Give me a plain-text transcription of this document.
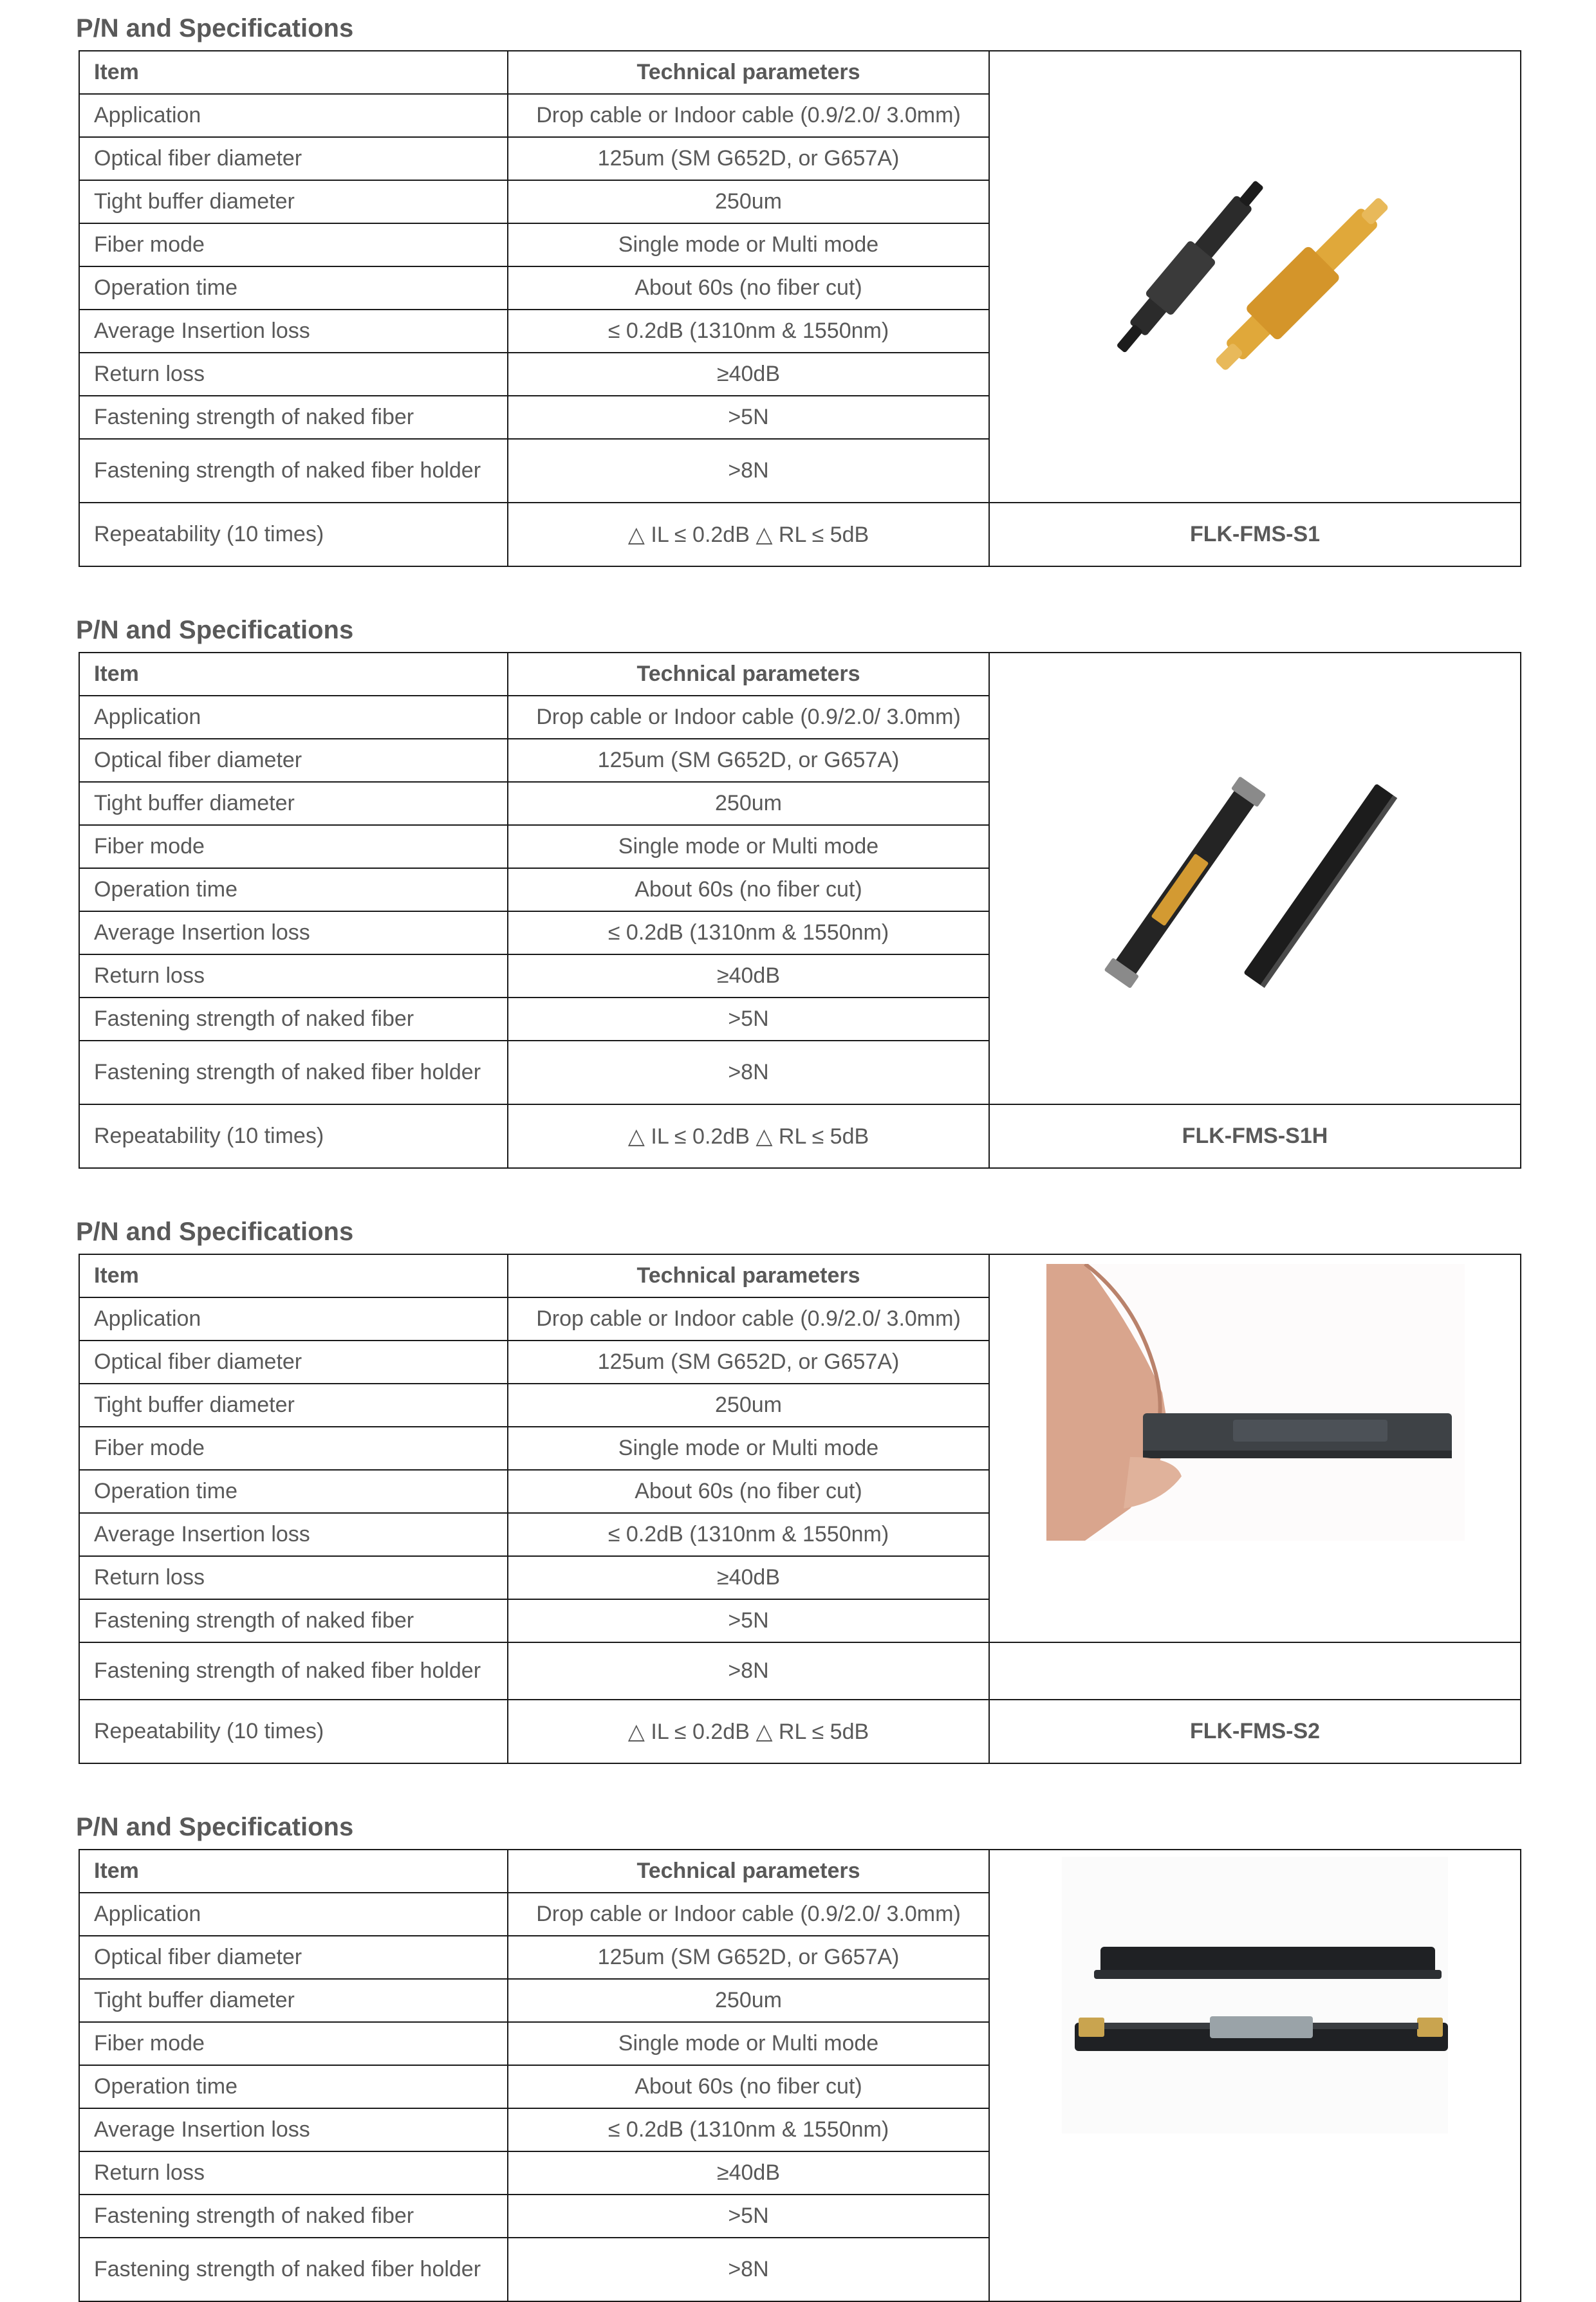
P/N and Specifications
Item	Technical parameters	

Application	Drop cable or Indoor cable (0.9/2.0/ 3.0mm)	
Optical fiber diameter	125um (SM G652D, or G657A)	
Tight buffer diameter	250um	
Fiber mode	Single mode or Multi mode	
Operation time	About 60s (no fiber cut)	
Average Insertion loss	≤ 0.2dB (1310nm & 1550nm)	
Return loss	≥40dB	
Fastening strength of naked fiber	>5N	
Fastening strength of naked fiber holder	>8N	
Repeatability (10 times)	△ IL ≤ 0.2dB △ RL ≤ 5dB	FLK-FMS-S1
P/N and Specifications
Item	Technical parameters	

Application	Drop cable or Indoor cable (0.9/2.0/ 3.0mm)	
Optical fiber diameter	125um (SM G652D, or G657A)	
Tight buffer diameter	250um	
Fiber mode	Single mode or Multi mode	
Operation time	About 60s (no fiber cut)	
Average Insertion loss	≤ 0.2dB (1310nm & 1550nm)	
Return loss	≥40dB	
Fastening strength of naked fiber	>5N	
Fastening strength of naked fiber holder	>8N	
Repeatability (10 times)	△ IL ≤ 0.2dB △ RL ≤ 5dB	FLK-FMS-S1H
P/N and Specifications
Item	Technical parameters	

Application	Drop cable or Indoor cable (0.9/2.0/ 3.0mm)	
Optical fiber diameter	125um (SM G652D, or G657A)	
Tight buffer diameter	250um	
Fiber mode	Single mode or Multi mode	
Operation time	About 60s (no fiber cut)	
Average Insertion loss	≤ 0.2dB (1310nm & 1550nm)	
Return loss	≥40dB	
Fastening strength of naked fiber	>5N	
Fastening strength of naked fiber holder	>8N	
Repeatability (10 times)	△ IL ≤ 0.2dB △ RL ≤ 5dB	FLK-FMS-S2
P/N and Specifications
Item	Technical parameters	

Application	Drop cable or Indoor cable (0.9/2.0/ 3.0mm)	
Optical fiber diameter	125um (SM G652D, or G657A)	
Tight buffer diameter	250um	
Fiber mode	Single mode or Multi mode	
Operation time	About 60s (no fiber cut)	
Average Insertion loss	≤ 0.2dB (1310nm & 1550nm)	
Return loss	≥40dB	
Fastening strength of naked fiber	>5N	
Fastening strength of naked fiber holder	>8N	
